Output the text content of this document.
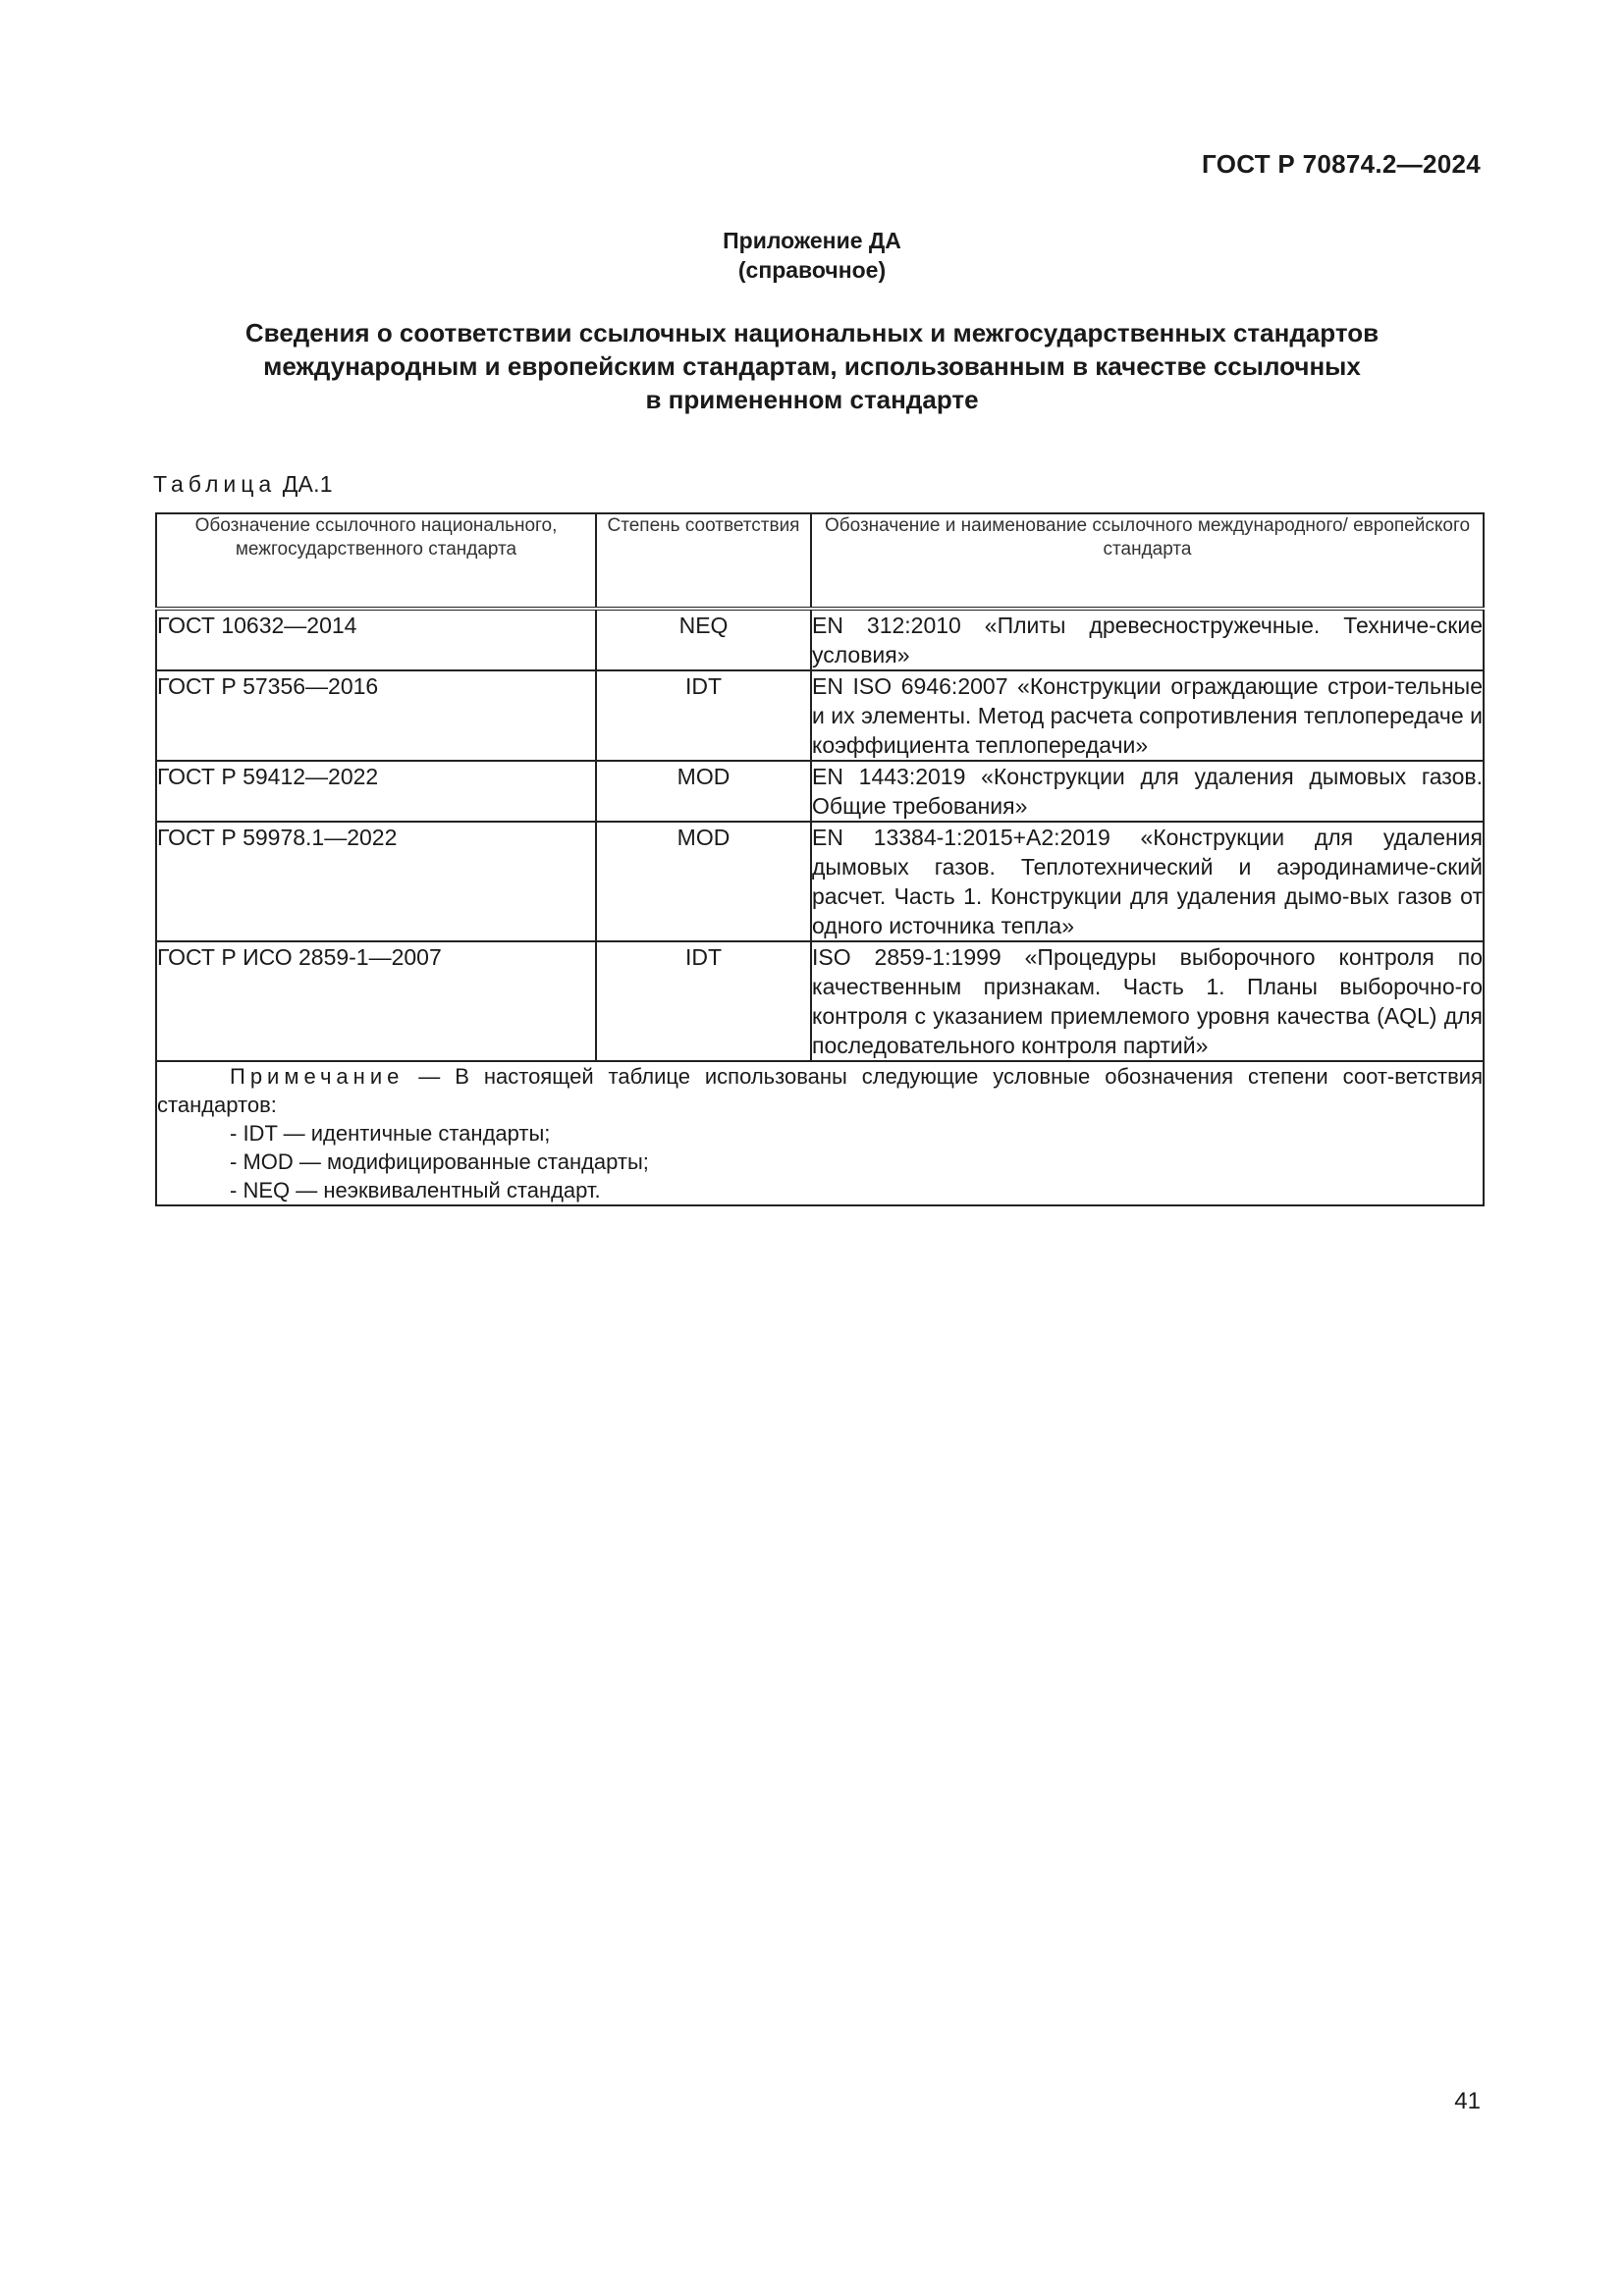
ГОСТ Р 70874.2—2024
Приложение ДА
(справочное)
Сведения о соответствии ссылочных национальных и межгосударственных стандартов
международным и европейским стандартам, использованным в качестве ссылочных
в примененном стандарте
Таблица ДА.1
Обозначение ссылочного национального, межгосударственного стандарта	Степень соответствия	Обозначение и наименование ссылочного международного/ европейского стандарта
ГОСТ 10632—2014	NEQ	EN 312:2010 «Плиты древесностружечные. Техниче-ские условия»
ГОСТ Р 57356—2016	IDT	EN ISO 6946:2007 «Конструкции ограждающие строи-тельные и их элементы. Метод расчета сопротивления теплопередаче и коэффициента теплопередачи»
ГОСТ Р 59412—2022	MOD	EN 1443:2019 «Конструкции для удаления дымовых газов. Общие требования»
ГОСТ Р 59978.1—2022	MOD	EN 13384-1:2015+A2:2019 «Конструкции для удаления дымовых газов. Теплотехнический и аэродинамиче-ский расчет. Часть 1. Конструкции для удаления дымо-вых газов от одного источника тепла»
ГОСТ Р ИСО 2859-1—2007	IDT	ISO 2859-1:1999 «Процедуры выборочного контроля по качественным признакам. Часть 1. Планы выборочно-го контроля с указанием приемлемого уровня качества (AQL) для последовательного контроля партий»

Примечание — В настоящей таблице использованы следующие условные обозначения степени соот-ветствия стандартов:
- IDT — идентичные стандарты;
- MOD — модифицированные стандарты;
- NEQ — неэквивалентный стандарт.		
41
